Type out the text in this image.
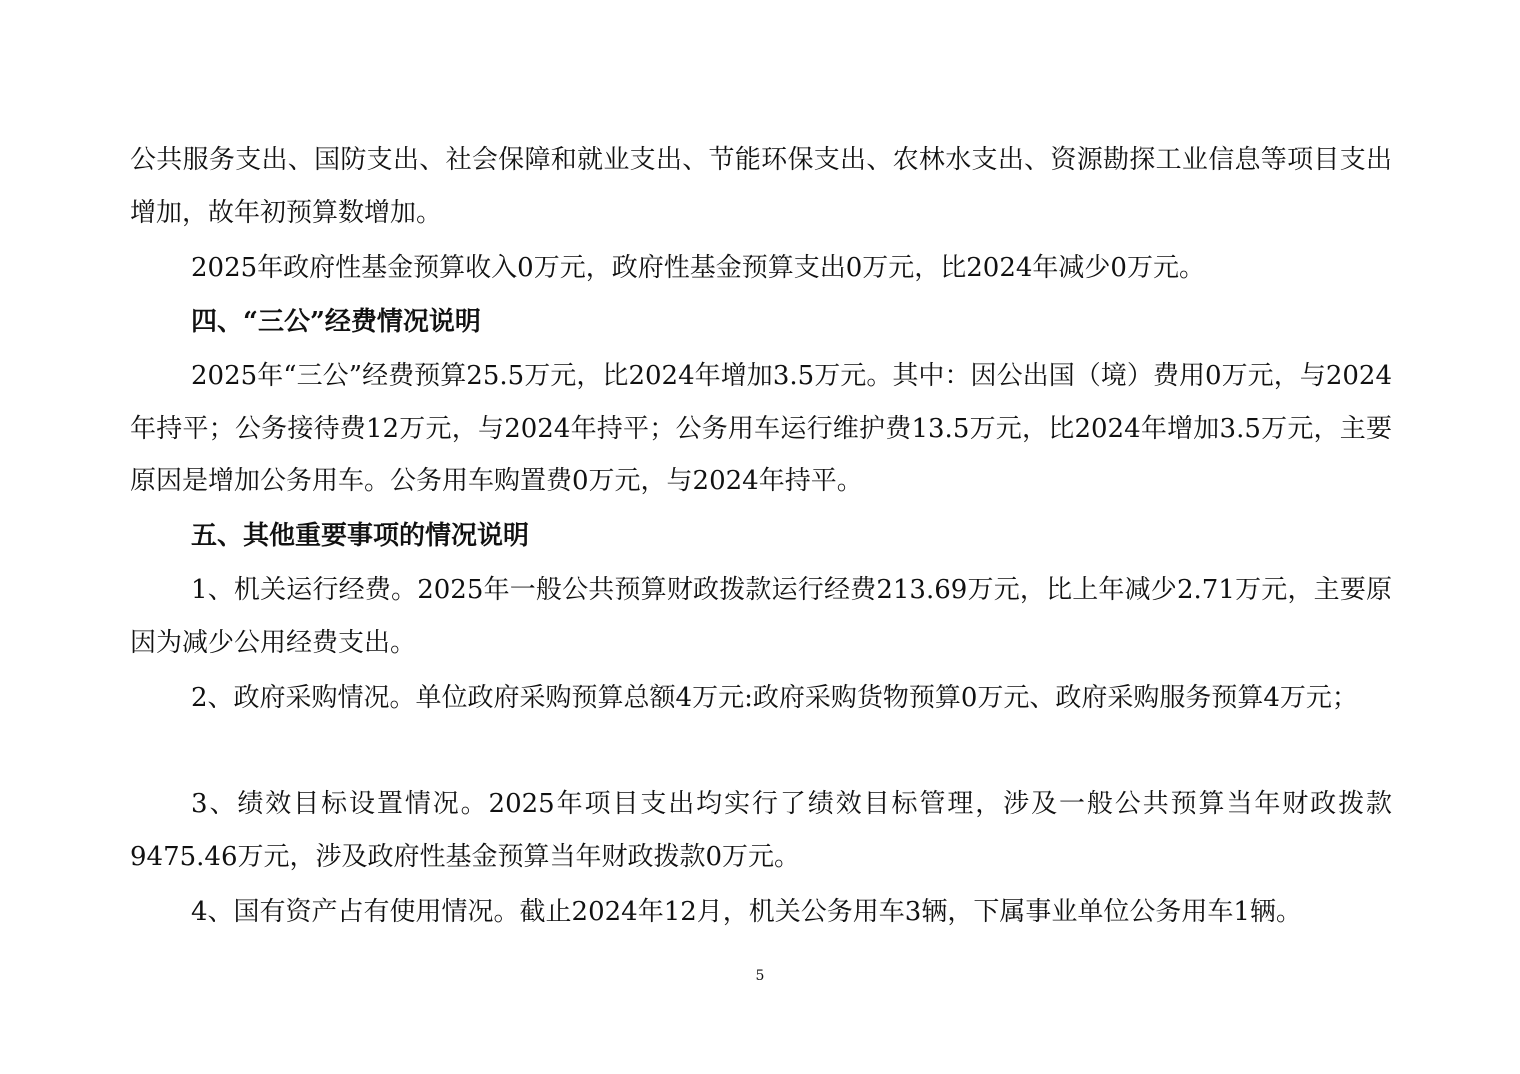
公共服务支出、国防支出、社会保障和就业支出、节能环保支出、农林水支出、资源勘探工业信息等项目支出增加，故年初预算数增加。

2025年政府性基金预算收入0万元，政府性基金预算支出0万元，比2024年减少0万元。

四、“三公”经费情况说明

2025年“三公”经费预算25.5万元，比2024年增加3.5万元。其中：因公出国（境）费用0万元，与2024年持平；公务接待费12万元，与2024年持平；公务用车运行维护费13.5万元，比2024年增加3.5万元，主要原因是增加公务用车。公务用车购置费0万元，与2024年持平。

五、其他重要事项的情况说明

1、机关运行经费。2025年一般公共预算财政拨款运行经费213.69万元，比上年减少2.71万元，主要原因为减少公用经费支出。

2、政府采购情况。单位政府采购预算总额4万元:政府采购货物预算0万元、政府采购服务预算4万元；

3、绩效目标设置情况。2025年项目支出均实行了绩效目标管理，涉及一般公共预算当年财政拨款9475.46万元，涉及政府性基金预算当年财政拨款0万元。

4、国有资产占有使用情况。截止2024年12月，机关公务用车3辆，下属事业单位公务用车1辆。

5
